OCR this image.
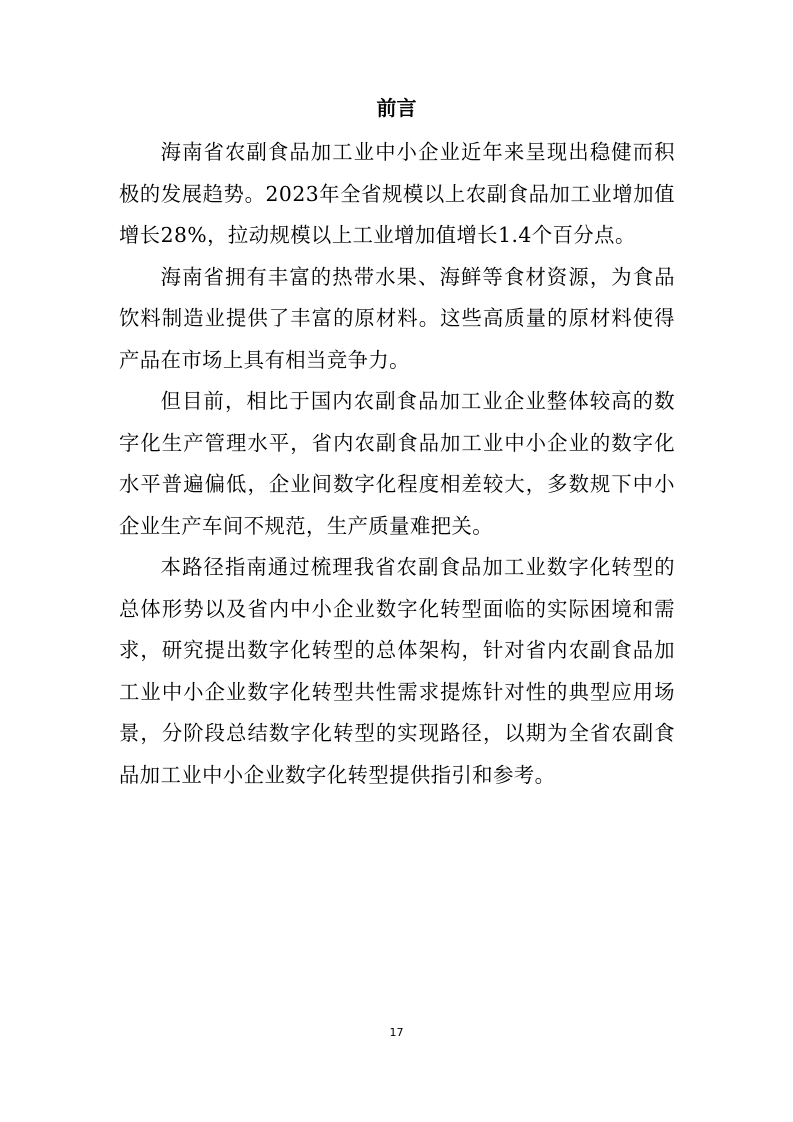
前言

海南省农副食品加工业中小企业近年来呈现出稳健而积极的发展趋势。2023年全省规模以上农副食品加工业增加值增长28%，拉动规模以上工业增加值增长1.4个百分点。

海南省拥有丰富的热带水果、海鲜等食材资源，为食品饮料制造业提供了丰富的原材料。这些高质量的原材料使得产品在市场上具有相当竞争力。

但目前，相比于国内农副食品加工业企业整体较高的数字化生产管理水平，省内农副食品加工业中小企业的数字化水平普遍偏低，企业间数字化程度相差较大，多数规下中小企业生产车间不规范，生产质量难把关。

本路径指南通过梳理我省农副食品加工业数字化转型的总体形势以及省内中小企业数字化转型面临的实际困境和需求，研究提出数字化转型的总体架构，针对省内农副食品加工业中小企业数字化转型共性需求提炼针对性的典型应用场景，分阶段总结数字化转型的实现路径，以期为全省农副食品加工业中小企业数字化转型提供指引和参考。

17
